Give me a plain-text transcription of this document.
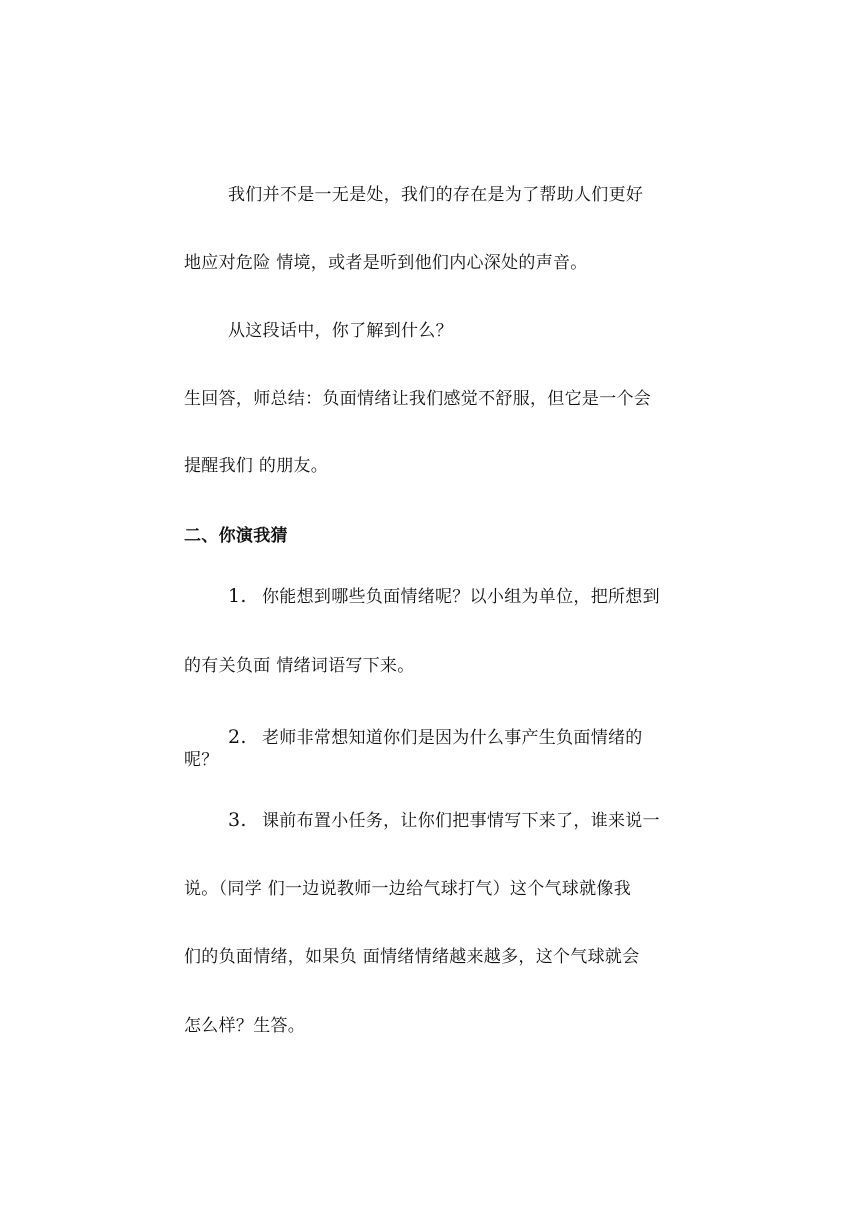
我们并不是一无是处，我们的存在是为了帮助人们更好
地应对危险 情境，或者是听到他们内心深处的声音。
从这段话中，你了解到什么？
生回答，师总结：负面情绪让我们感觉不舒服，但它是一个会
提醒我们 的朋友。
二、你演我猜
1. 你能想到哪些负面情绪呢？以小组为单位，把所想到
的有关负面 情绪词语写下来。
2. 老师非常想知道你们是因为什么事产生负面情绪的
呢？
3. 课前布置小任务，让你们把事情写下来了，谁来说一
说。（同学 们一边说教师一边给气球打气）这个气球就像我
们的负面情绪，如果负 面情绪情绪越来越多，这个气球就会
怎么样？生答。
